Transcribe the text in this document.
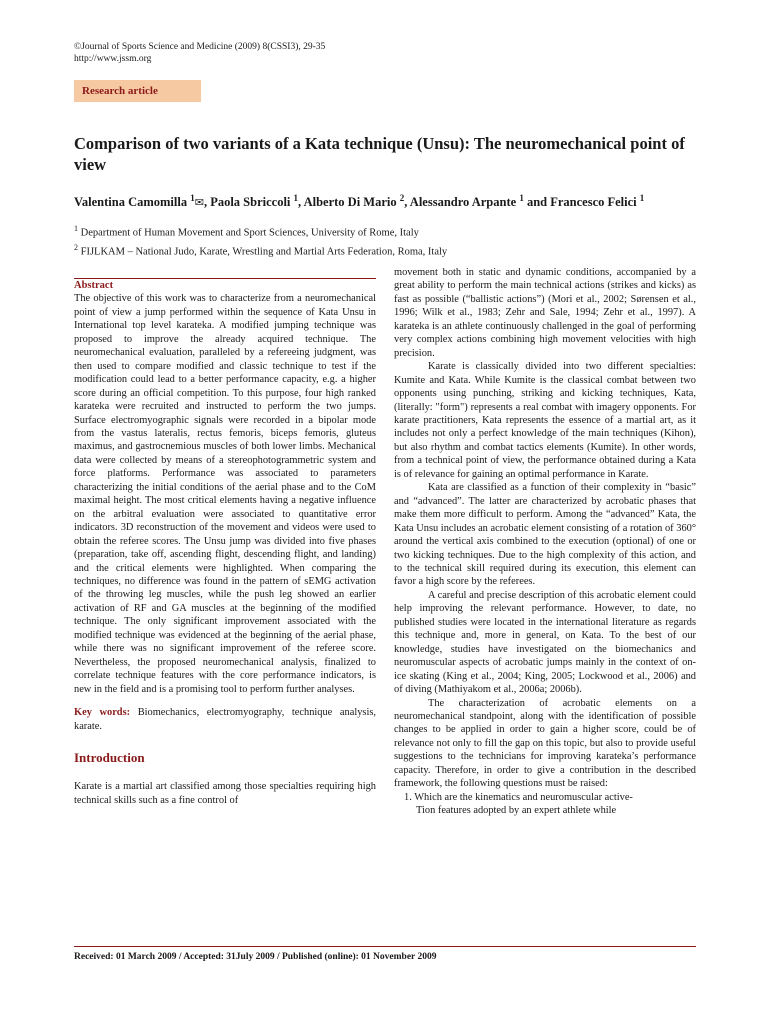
©Journal of Sports Science and Medicine (2009) 8(CSSI3), 29-35
http://www.jssm.org
Research article
Comparison of two variants of a Kata technique (Unsu): The neuromechanical point of view
Valentina Camomilla $^1$✉, Paola Sbriccoli $^1$, Alberto Di Mario $^2$, Alessandro Arpante $^1$ and Francesco Felici $^1$
$^1$ Department of Human Movement and Sport Sciences, University of Rome, Italy
$^2$ FIJLKAM – National Judo, Karate, Wrestling and Martial Arts Federation, Roma, Italy

Abstract

The objective of this work was to characterize from a neuromechanical point of view a jump performed within the sequence of Kata Unsu in International top level karateka. A modified jumping technique was proposed to improve the already acquired technique. The neuromechanical evaluation, paralleled by a refereeing judgment, was then used to compare modified and classic technique to test if the modification could lead to a better performance capacity, e.g. a higher score during an official competition. To this purpose, four high ranked karateka were recruited and instructed to perform the two jumps. Surface electromyographic signals were recorded in a bipolar mode from the vastus lateralis, rectus femoris, biceps femoris, gluteus maximus, and gastrocnemious muscles of both lower limbs. Mechanical data were collected by means of a stereophotogrammetric system and force platforms. Performance was associated to parameters characterizing the initial conditions of the aerial phase and to the CoM maximal height. The most critical elements having a negative influence on the arbitral evaluation were associated to quantitative error indicators. 3D reconstruction of the movement and videos were used to obtain the referee scores. The Unsu jump was divided into five phases (preparation, take off, ascending flight, descending flight, and landing) and the critical elements were highlighted. When comparing the techniques, no difference was found in the pattern of sEMG activation of the throwing leg muscles, while the push leg showed an earlier activation of RF and GA muscles at the beginning of the modified technique. The only significant improvement associated with the modified technique was evidenced at the beginning of the aerial phase, while there was no significant improvement of the referee score. Nevertheless, the proposed neuromechanical analysis, finalized to correlate technique features with the core performance indicators, is new in the field and is a promising tool to perform further analyses.

Key words: Biomechanics, electromyography, technique analysis, karate.

Introduction

Karate is a martial art classified among those specialties requiring high technical skills such as a fine control of

movement both in static and dynamic conditions, accompanied by a great ability to perform the main technical actions (strikes and kicks) as fast as possible (“ballistic actions”) (Mori et al., 2002; Sørensen et al., 1996; Wilk et al., 1983; Zehr and Sale, 1994; Zehr et al., 1997). A karateka is an athlete continuously challenged in the goal of performing very complex actions combining high movement velocities with high precision.

Karate is classically divided into two different specialties: Kumite and Kata. While Kumite is the classical combat between two opponents using punching, striking and kicking techniques, Kata, (literally: "form") represents a real combat with imagery opponents. For karate practitioners, Kata represents the essence of a martial art, as it includes not only a perfect knowledge of the main techniques (Kihon), but also rhythm and combat tactics elements (Kumite). In other words, from a technical point of view, the performance obtained during a Kata is of relevance for gaining an optimal performance in Karate.

Kata are classified as a function of their complexity in “basic” and “advanced”. The latter are characterized by acrobatic phases that make them more difficult to perform. Among the “advanced” Kata, the Kata Unsu includes an acrobatic element consisting of a rotation of 360° around the vertical axis combined to the execution (optional) of one or two kicking techniques. Due to the high complexity of this action, and to the technical skill required during its execution, this element can favor a high score by the referees.

A careful and precise description of this acrobatic element could help improving the relevant performance. However, to date, no published studies were located in the international literature as regards this technique and, more in general, on Kata. To the best of our knowledge, studies have investigated on the biomechanics and neuromuscular aspects of acrobatic jumps mainly in the context of on-ice skating (King et al., 2004; King, 2005; Lockwood et al., 2006) and of diving (Mathiyakom et al., 2006a; 2006b).

The characterization of acrobatic elements on a neuromechanical standpoint, along with the identification of possible changes to be applied in order to gain a higher score, could be of relevance not only to fill the gap on this topic, but also to provide useful suggestions to the technicians for improving karateka’s performance capacity. Therefore, in order to give a contribution in the described framework, the following questions must be raised:

1. Which are the kinematics and neuromuscular active-

Tion features adopted by an expert athlete while

Received: 01 March 2009 / Accepted: 31July 2009 / Published (online): 01 November 2009
